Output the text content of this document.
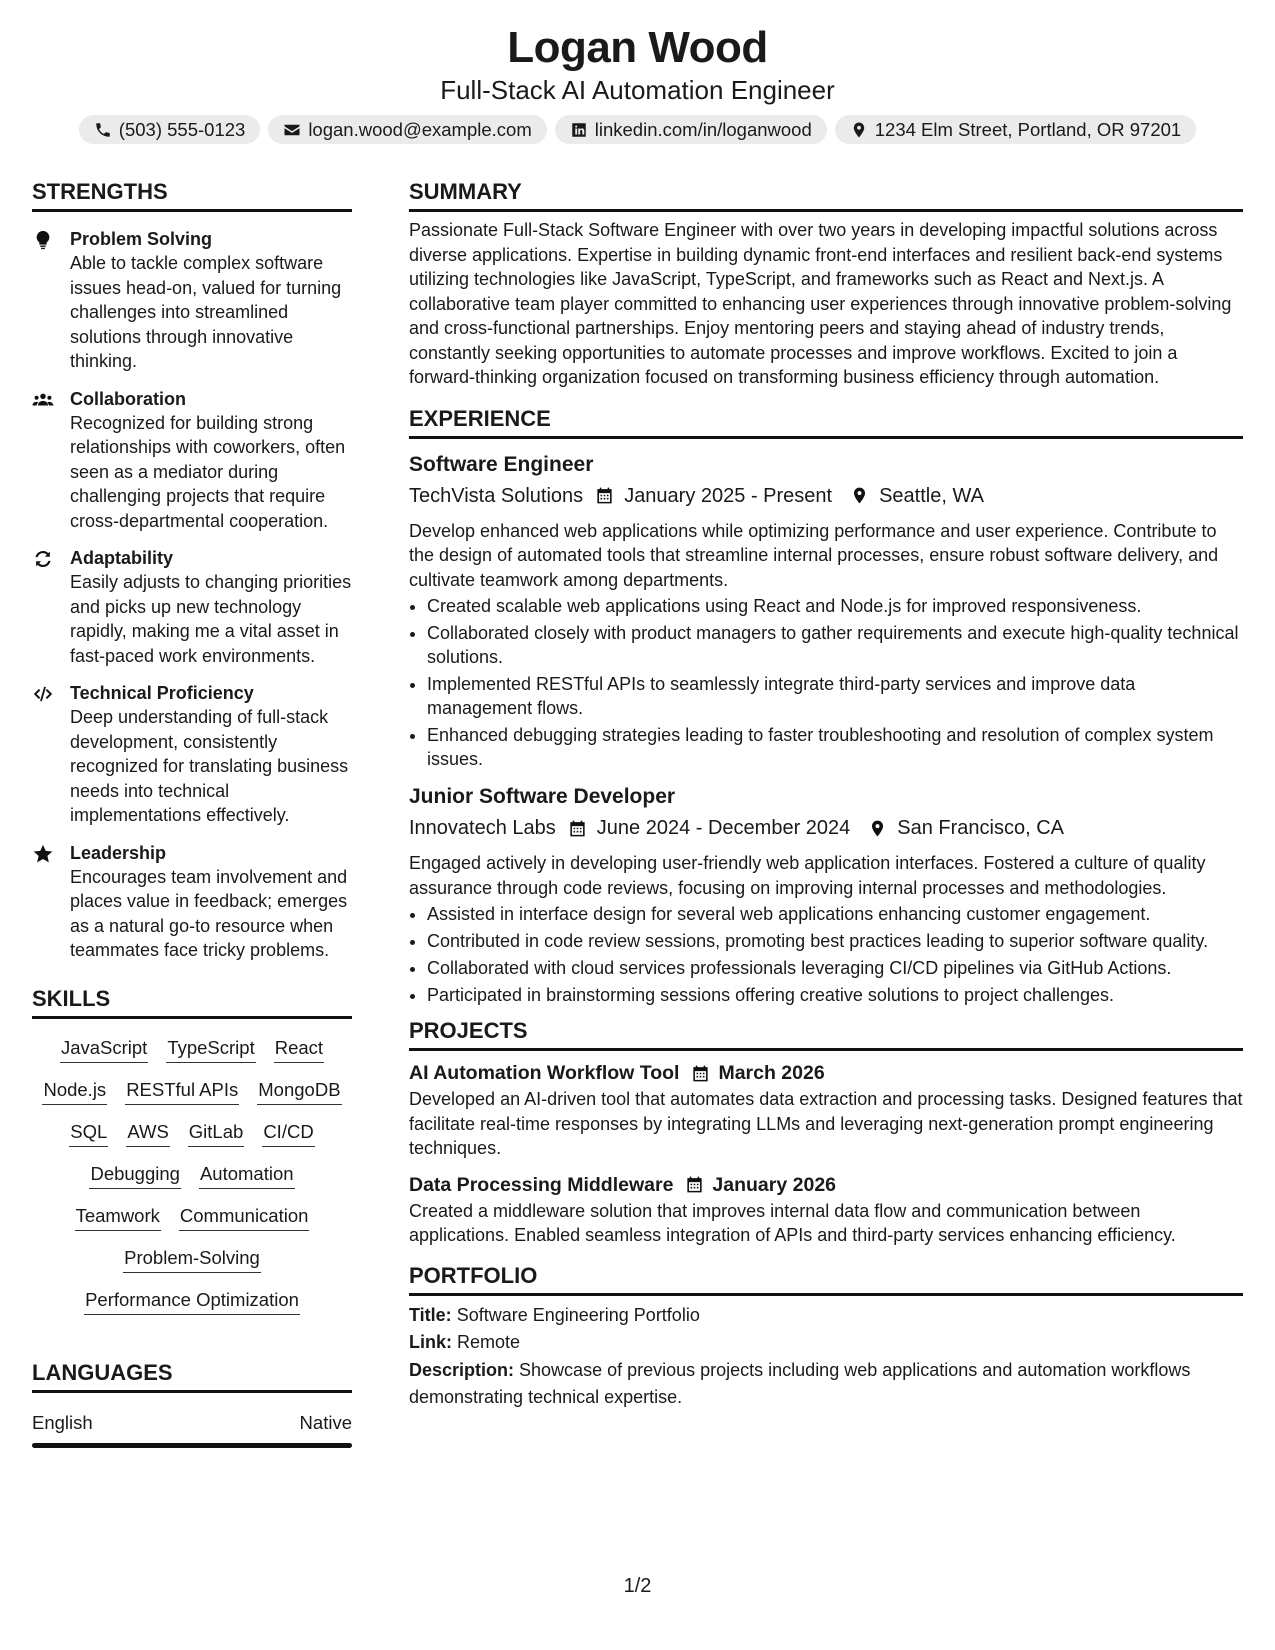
Logan Wood
Full-Stack AI Automation Engineer
(503) 555-0123	logan.wood@example.com	linkedin.com/in/loganwood	1234 Elm Street, Portland, OR 97201
STRENGTHS
Problem Solving
Able to tackle complex software issues head-on, valued for turning challenges into streamlined solutions through innovative thinking.
Collaboration
Recognized for building strong relationships with coworkers, often seen as a mediator during challenging projects that require cross-departmental cooperation.
Adaptability
Easily adjusts to changing priorities and picks up new technology rapidly, making me a vital asset in fast-paced work environments.
Technical Proficiency
Deep understanding of full-stack development, consistently recognized for translating business needs into technical implementations effectively.
Leadership
Encourages team involvement and places value in feedback; emerges as a natural go-to resource when teammates face tricky problems.
SKILLS
JavaScript TypeScript React
Node.js RESTful APIs MongoDB
SQL AWS GitLab CI/CD
Debugging Automation
Teamwork Communication
Problem-Solving
Performance Optimization
LANGUAGES
English	Native
SUMMARY

Passionate Full-Stack Software Engineer with over two years in developing impactful solutions across diverse applications. Expertise in building dynamic front-end interfaces and resilient back-end systems utilizing technologies like JavaScript, TypeScript, and frameworks such as React and Next.js. A collaborative team player committed to enhancing user experiences through innovative problem-solving and cross-functional partnerships. Enjoy mentoring peers and staying ahead of industry trends, constantly seeking opportunities to automate processes and improve workflows. Excited to join a forward-thinking organization focused on transforming business efficiency through automation.

EXPERIENCE
Software Engineer
TechVista Solutions January 2025 - Present Seattle, WA

Develop enhanced web applications while optimizing performance and user experience. Contribute to the design of automated tools that streamline internal processes, ensure robust software delivery, and cultivate teamwork among departments.

• Created scalable web applications using React and Node.js for improved responsiveness.
• Collaborated closely with product managers to gather requirements and execute high-quality technical solutions.
• Implemented RESTful APIs to seamlessly integrate third-party services and improve data management flows.
• Enhanced debugging strategies leading to faster troubleshooting and resolution of complex system issues.
Junior Software Developer
Innovatech Labs June 2024 - December 2024 San Francisco, CA

Engaged actively in developing user-friendly web application interfaces. Fostered a culture of quality assurance through code reviews, focusing on improving internal processes and methodologies.

• Assisted in interface design for several web applications enhancing customer engagement.
• Contributed in code review sessions, promoting best practices leading to superior software quality.
• Collaborated with cloud services professionals leveraging CI/CD pipelines via GitHub Actions.
• Participated in brainstorming sessions offering creative solutions to project challenges.
PROJECTS
AI Automation Workflow Tool March 2026

Developed an AI-driven tool that automates data extraction and processing tasks. Designed features that facilitate real-time responses by integrating LLMs and leveraging next-generation prompt engineering techniques.

Data Processing Middleware January 2026

Created a middleware solution that improves internal data flow and communication between applications. Enabled seamless integration of APIs and third-party services enhancing efficiency.

PORTFOLIO
Title: Software Engineering Portfolio
Link: Remote
Description: Showcase of previous projects including web applications and automation workflows demonstrating technical expertise.
1/2
